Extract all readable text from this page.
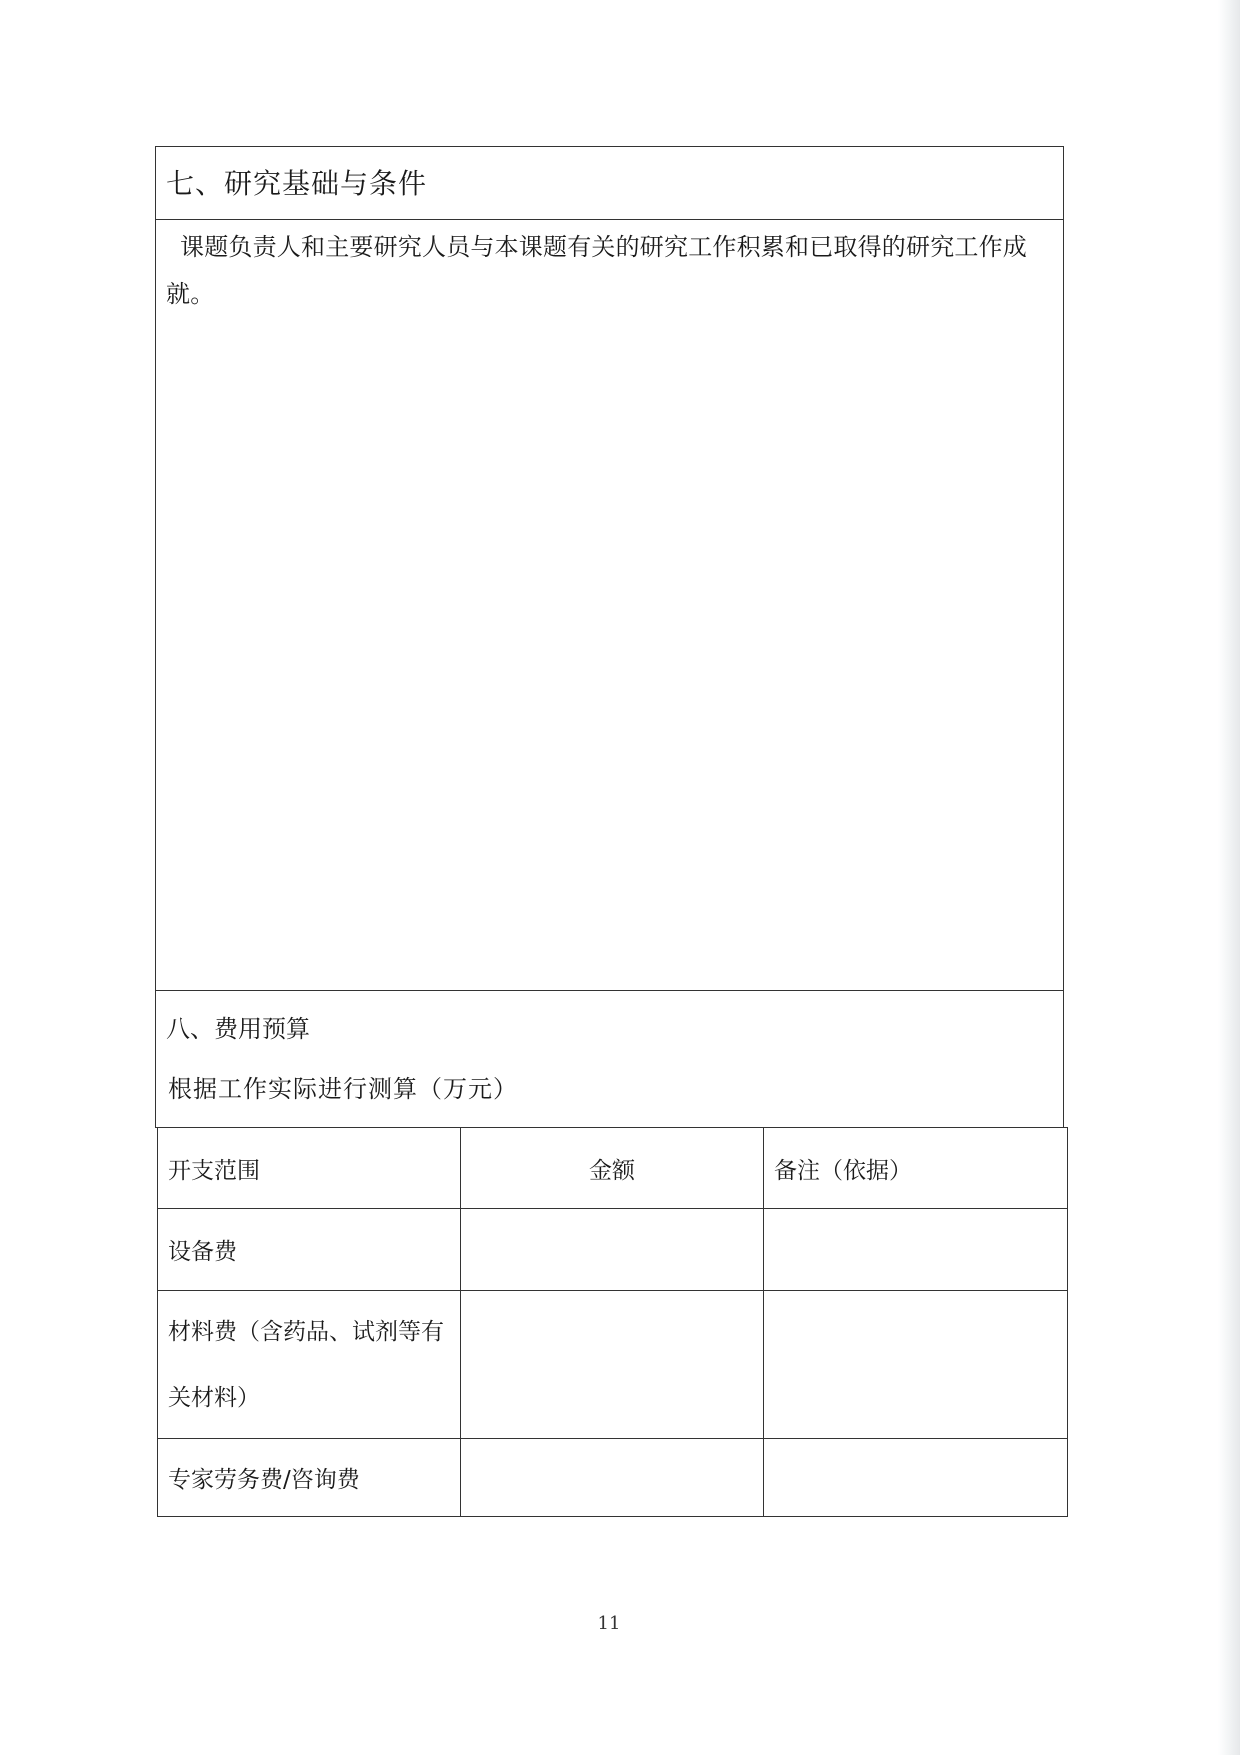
七、研究基础与条件
课题负责人和主要研究人员与本课题有关的研究工作积累和已取得的研究工作成就。
八、费用预算
根据工作实际进行测算（万元）
开支范围	金额	备注（依据）
设备费		
材料费（含药品、试剂等有关材料）		
专家劳务费/咨询费		
11
